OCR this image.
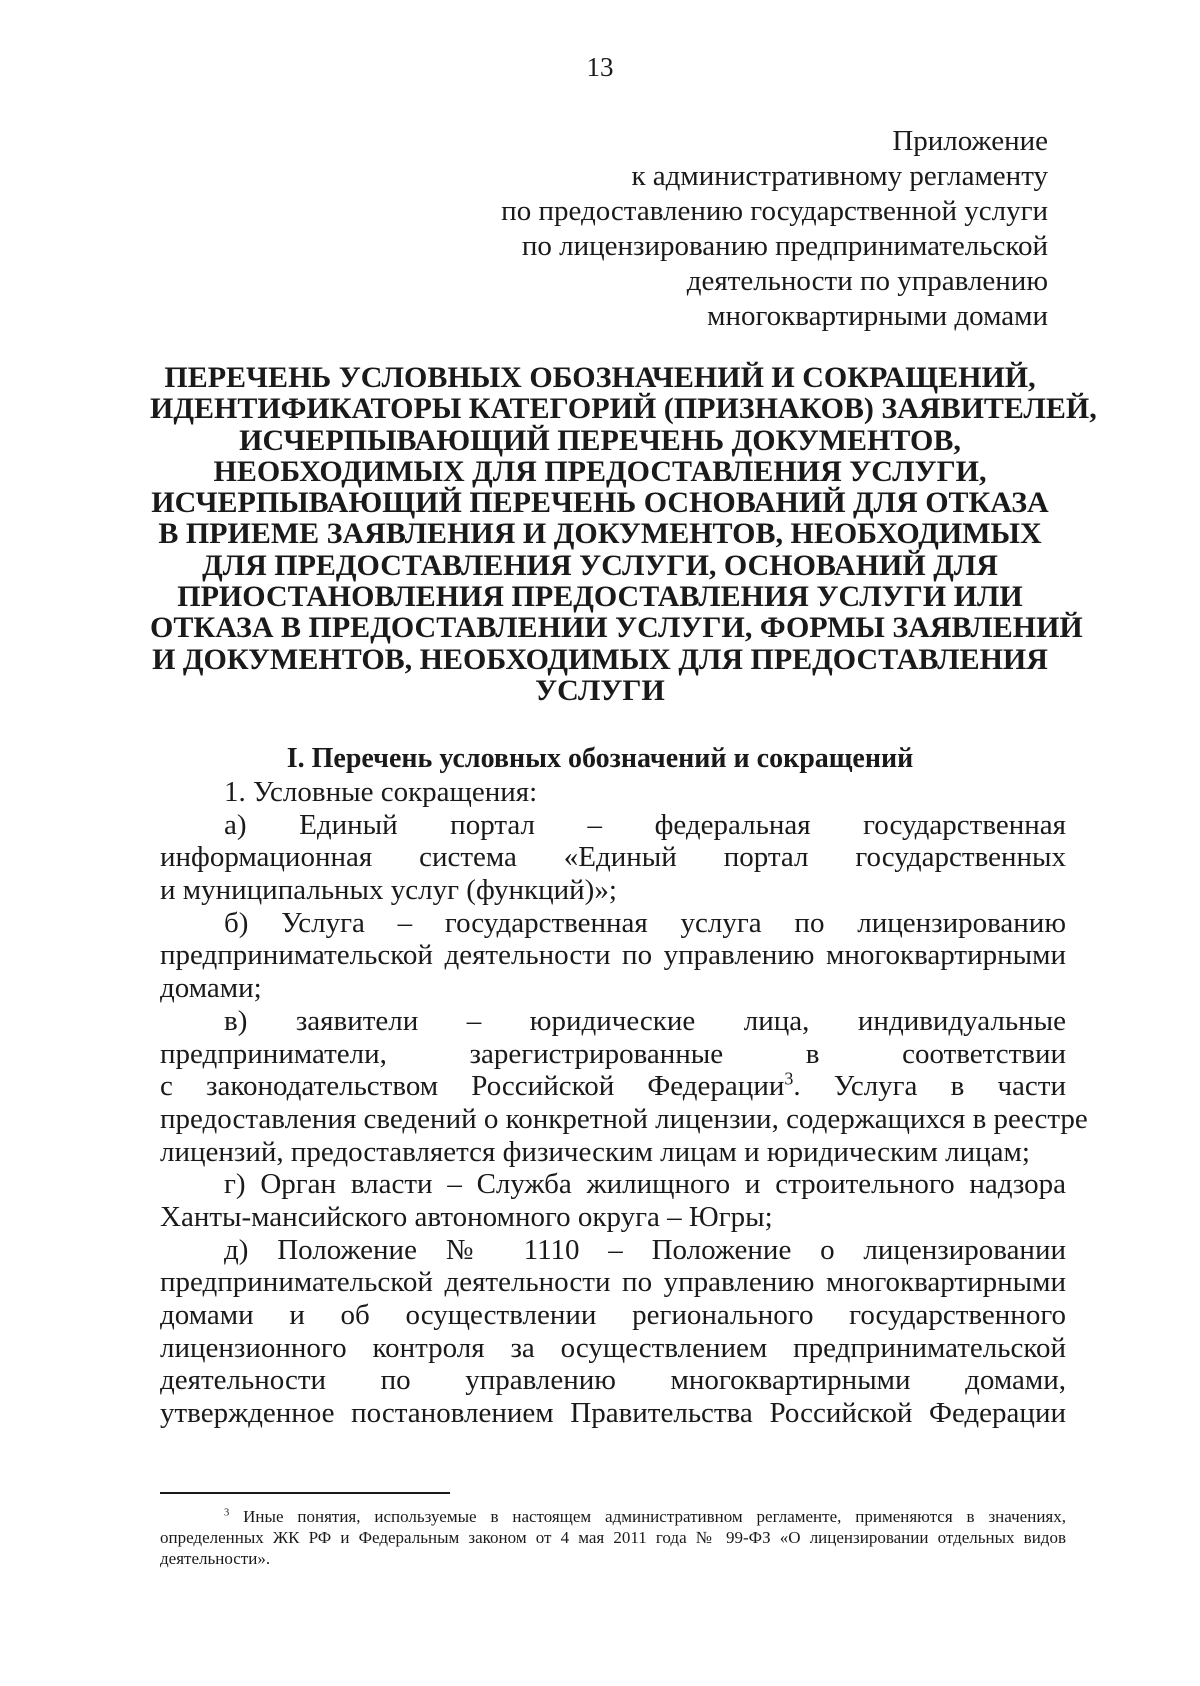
13
Приложение
к административному регламенту
по предоставлению государственной услуги
по лицензированию предпринимательской
деятельности по управлению
многоквартирными домами
ПЕРЕЧЕНЬ УСЛОВНЫХ ОБОЗНАЧЕНИЙ И СОКРАЩЕНИЙ,
ИДЕНТИФИКАТОРЫ КАТЕГОРИЙ (ПРИЗНАКОВ) ЗАЯВИТЕЛЕЙ,
ИСЧЕРПЫВАЮЩИЙ ПЕРЕЧЕНЬ ДОКУМЕНТОВ,
НЕОБХОДИМЫХ ДЛЯ ПРЕДОСТАВЛЕНИЯ УСЛУГИ,
ИСЧЕРПЫВАЮЩИЙ ПЕРЕЧЕНЬ ОСНОВАНИЙ ДЛЯ ОТКАЗА
В ПРИЕМЕ ЗАЯВЛЕНИЯ И ДОКУМЕНТОВ, НЕОБХОДИМЫХ
ДЛЯ ПРЕДОСТАВЛЕНИЯ УСЛУГИ, ОСНОВАНИЙ ДЛЯ
ПРИОСТАНОВЛЕНИЯ ПРЕДОСТАВЛЕНИЯ УСЛУГИ ИЛИ
ОТКАЗА В ПРЕДОСТАВЛЕНИИ УСЛУГИ, ФОРМЫ ЗАЯВЛЕНИЙ
И ДОКУМЕНТОВ, НЕОБХОДИМЫХ ДЛЯ ПРЕДОСТАВЛЕНИЯ
УСЛУГИ
I. Перечень условных обозначений и сокращений
1. Условные сокращения:
а) Единый портал – федеральная государственная
информационная система «Единый портал государственных
и муниципальных услуг (функций)»;
б) Услуга – государственная услуга по лицензированию
предпринимательской деятельности по управлению многоквартирными
домами;
в) заявители – юридические лица, индивидуальные
предприниматели, зарегистрированные в соответствии
с законодательством Российской Федерации$^3$. Услуга в части
предоставления сведений о конкретной лицензии, содержащихся в реестре
лицензий, предоставляется физическим лицам и юридическим лицам;
г) Орган власти – Служба жилищного и строительного надзора
Ханты-мансийского автономного округа – Югры;
д) Положение № 1110 – Положение о лицензировании
предпринимательской деятельности по управлению многоквартирными
домами и об осуществлении регионального государственного
лицензионного контроля за осуществлением предпринимательской
деятельности по управлению многоквартирными домами,
утвержденное постановлением Правительства Российской Федерации
$^3$ Иные понятия, используемые в настоящем административном регламенте, применяются в значениях,
определенных ЖК РФ и Федеральным законом от 4 мая 2011 года № 99-ФЗ «О лицензировании отдельных видов
деятельности».
